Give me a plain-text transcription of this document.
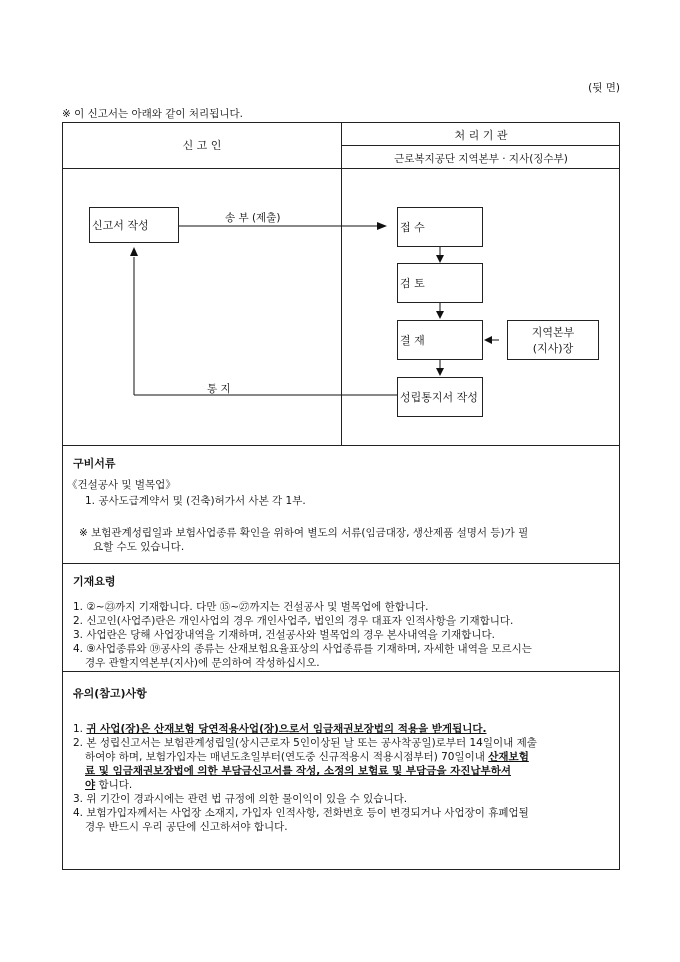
(뒷 면)
※ 이 신고서는 아래와 같이 처리됩니다.
신 고 인
처 리 기 관
근로복지공단 지역본부 · 지사(징수부)
신고서 작성	접 수
검 토
결 재
성립통지서 작성
지역본부
(지사)장
송 부 (제출)
통 지
구비서류
《건설공사 및 벌목업》
1. 공사도급계약서 및 (건축)허가서 사본 각 1부.
※ 보험관계성립일과 보험사업종류 확인을 위하여 별도의 서류(임금대장, 생산제품 설명서 등)가 필
요할 수도 있습니다.
기재요령
1. ②~㉓까지 기재합니다. 다만 ⑮~㉗까지는 건설공사 및 벌목업에 한합니다.
2. 신고인(사업주)란은 개인사업의 경우 개인사업주, 법인의 경우 대표자 인적사항을 기재합니다.
3. 사업란은 당해 사업장내역을 기재하며, 건설공사와 벌목업의 경우 본사내역을 기재합니다.
4. ⑨사업종류와 ⑲공사의 종류는 산재보험요율표상의 사업종류를 기재하며, 자세한 내역을 모르시는
경우 관할지역본부(지사)에 문의하여 작성하십시오.
유의(참고)사항
1. 귀 사업(장)은 산재보험 당연적용사업(장)으로서 임금채권보장법의 적용을 받게됩니다.
2. 본 성립신고서는 보험관계성립일(상시근로자 5인이상된 날 또는 공사착공일)로부터 14일이내 제출
하여야 하며, 보험가입자는 매년도초일부터(연도중 신규적용시 적용시점부터) 70일이내 산재보험
료 및 임금채권보장법에 의한 부담금신고서를 작성, 소정의 보험료 및 부담금을 자진납부하셔
야 합니다.
3. 위 기간이 경과시에는 관련 법 규정에 의한 물이익이 있을 수 있습니다.
4. 보험가입자께서는 사업장 소재지, 가입자 인적사항, 전화번호 등이 변경되거나 사업장이 휴폐업될
경우 반드시 우리 공단에 신고하셔야 합니다.
